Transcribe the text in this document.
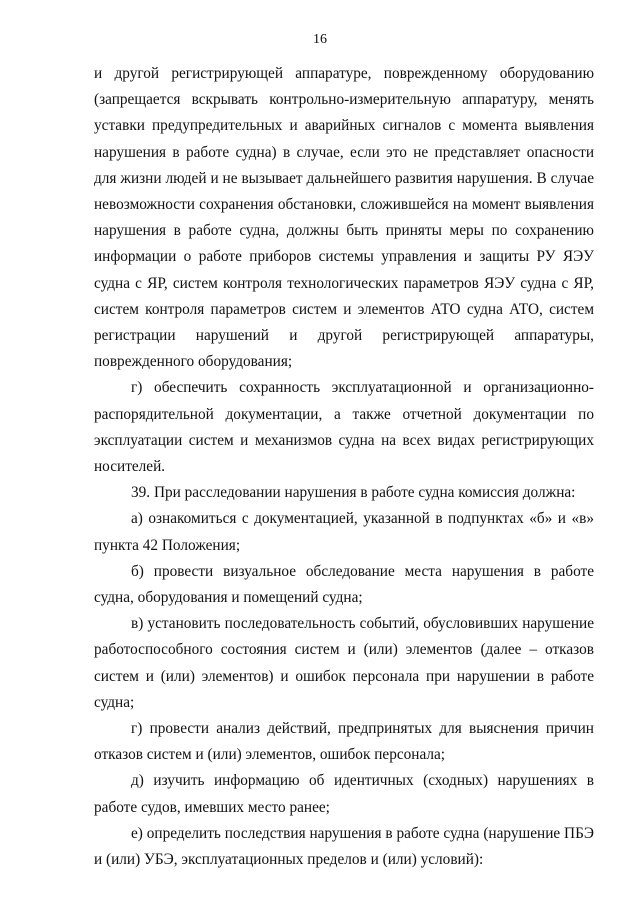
16

и другой регистрирующей аппаратуре, поврежденному оборудованию (запрещается вскрывать контрольно-измерительную аппаратуру, менять уставки предупредительных и аварийных сигналов с момента выявления нарушения в работе судна) в случае, если это не представляет опасности для жизни людей и не вызывает дальнейшего развития нарушения. В случае невозможности сохранения обстановки, сложившейся на момент выявления нарушения в работе судна, должны быть приняты меры по сохранению информации о работе приборов системы управления и защиты РУ ЯЭУ судна с ЯР, систем контроля технологических параметров ЯЭУ судна с ЯР, систем контроля параметров систем и элементов АТО судна АТО, систем регистрации нарушений и другой регистрирующей аппаратуры, поврежденного оборудования;

г) обеспечить сохранность эксплуатационной и организационно-распорядительной документации, а также отчетной документации по эксплуатации систем и механизмов судна на всех видах регистрирующих носителей.

39. При расследовании нарушения в работе судна комиссия должна:

а) ознакомиться с документацией, указанной в подпунктах «б» и «в» пункта 42 Положения;

б) провести визуальное обследование места нарушения в работе судна, оборудования и помещений судна;

в) установить последовательность событий, обусловивших нарушение работоспособного состояния систем и (или) элементов (далее – отказов систем и (или) элементов) и ошибок персонала при нарушении в работе судна;

г) провести анализ действий, предпринятых для выяснения причин отказов систем и (или) элементов, ошибок персонала;

д) изучить информацию об идентичных (сходных) нарушениях в работе судов, имевших место ранее;

е) определить последствия нарушения в работе судна (нарушение ПБЭ и (или) УБЭ, эксплуатационных пределов и (или) условий):
